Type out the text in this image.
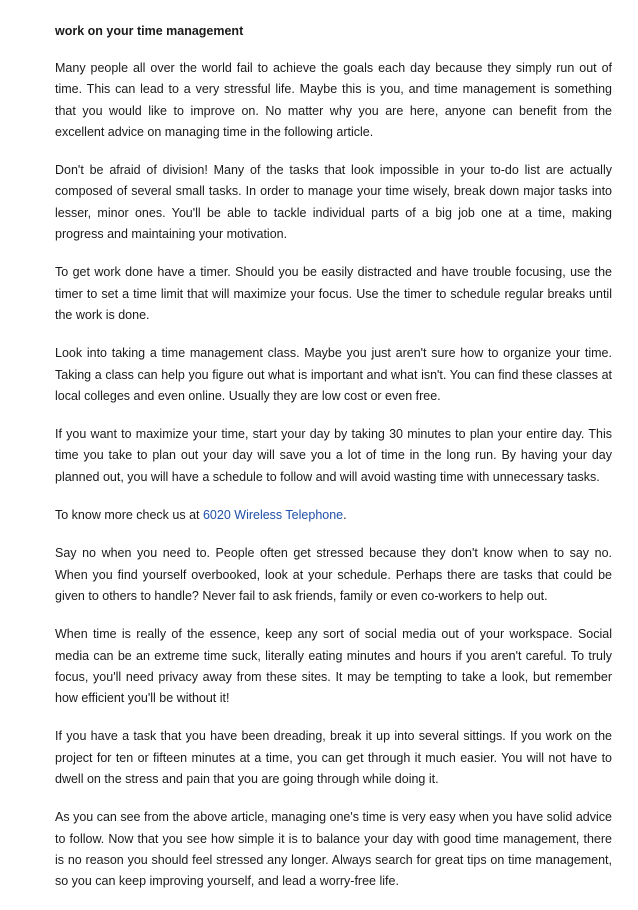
work on your time management

Many people all over the world fail to achieve the goals each day because they simply run out of time. This can lead to a very stressful life. Maybe this is you, and time management is something that you would like to improve on. No matter why you are here, anyone can benefit from the excellent advice on managing time in the following article.

Don't be afraid of division! Many of the tasks that look impossible in your to-do list are actually composed of several small tasks. In order to manage your time wisely, break down major tasks into lesser, minor ones. You'll be able to tackle individual parts of a big job one at a time, making progress and maintaining your motivation.

To get work done have a timer. Should you be easily distracted and have trouble focusing, use the timer to set a time limit that will maximize your focus. Use the timer to schedule regular breaks until the work is done.

Look into taking a time management class. Maybe you just aren't sure how to organize your time. Taking a class can help you figure out what is important and what isn't. You can find these classes at local colleges and even online. Usually they are low cost or even free.

If you want to maximize your time, start your day by taking 30 minutes to plan your entire day. This time you take to plan out your day will save you a lot of time in the long run. By having your day planned out, you will have a schedule to follow and will avoid wasting time with unnecessary tasks.

To know more check us at 6020 Wireless Telephone.

Say no when you need to. People often get stressed because they don't know when to say no. When you find yourself overbooked, look at your schedule. Perhaps there are tasks that could be given to others to handle? Never fail to ask friends, family or even co-workers to help out.

When time is really of the essence, keep any sort of social media out of your workspace. Social media can be an extreme time suck, literally eating minutes and hours if you aren't careful. To truly focus, you'll need privacy away from these sites. It may be tempting to take a look, but remember how efficient you'll be without it!

If you have a task that you have been dreading, break it up into several sittings. If you work on the project for ten or fifteen minutes at a time, you can get through it much easier. You will not have to dwell on the stress and pain that you are going through while doing it.

As you can see from the above article, managing one's time is very easy when you have solid advice to follow. Now that you see how simple it is to balance your day with good time management, there is no reason you should feel stressed any longer. Always search for great tips on time management, so you can keep improving yourself, and lead a worry-free life.
